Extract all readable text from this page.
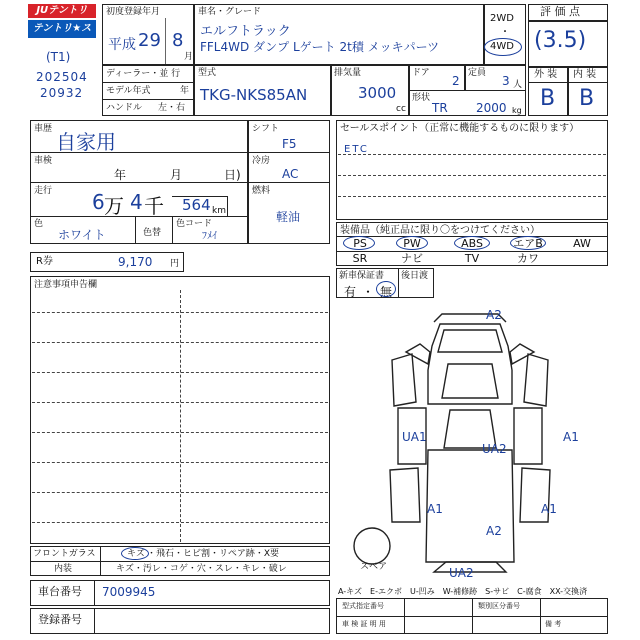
JUテントリ
テントリ★スター
(T1)
202504
20932
初度登録年月
平成 29 8
月
ディーラー・並 行
モデル年式	年
ハンドル 左・右
車名・グレード
エルフトラック
FFL4WD ダンプ Lゲート 2t積 メッキパーツ
2WD
・
4WD
型式
TKG-NKS85AN
排気量
3000
cc
ドア
2
定員
3 人
形状
TR 2000 kg
評 価 点
(3.5)
外 装 内 装
B B
車歴
自家用
車検
年	月	日)
走行 6 万 4 千 564 km
色
ホワイト	色替
色コード
ﾌﾒｲ
シフト
F5
冷房
AC
燃料
軽油
R券	9,170 円
注意事項申告欄
セールスポイント（正常に機能するものに限ります）
ETC
装備品（純正品に限り〇をつけてください）
PS	PW	ABS	エアB	AW
SR	ナビ	TV	カワ
新車保証書 後日渡
有 ・ 無
A2
UA1
UA2
A1
A1	A1
A2
UA2
スペア
A-キズ　E-エクボ　U-凹み　W-補修跡　S-サビ　C-腐食　XX-交換済
フロントガラス	キズ ・飛石・ヒビ割・リペア跡・X要
内装	キズ・汚レ・コゲ・穴・スレ・キレ・破レ
車台番号 7009945
登録番号
型式指定番号	類別区分番号
車 検 証 明 用	備 考
